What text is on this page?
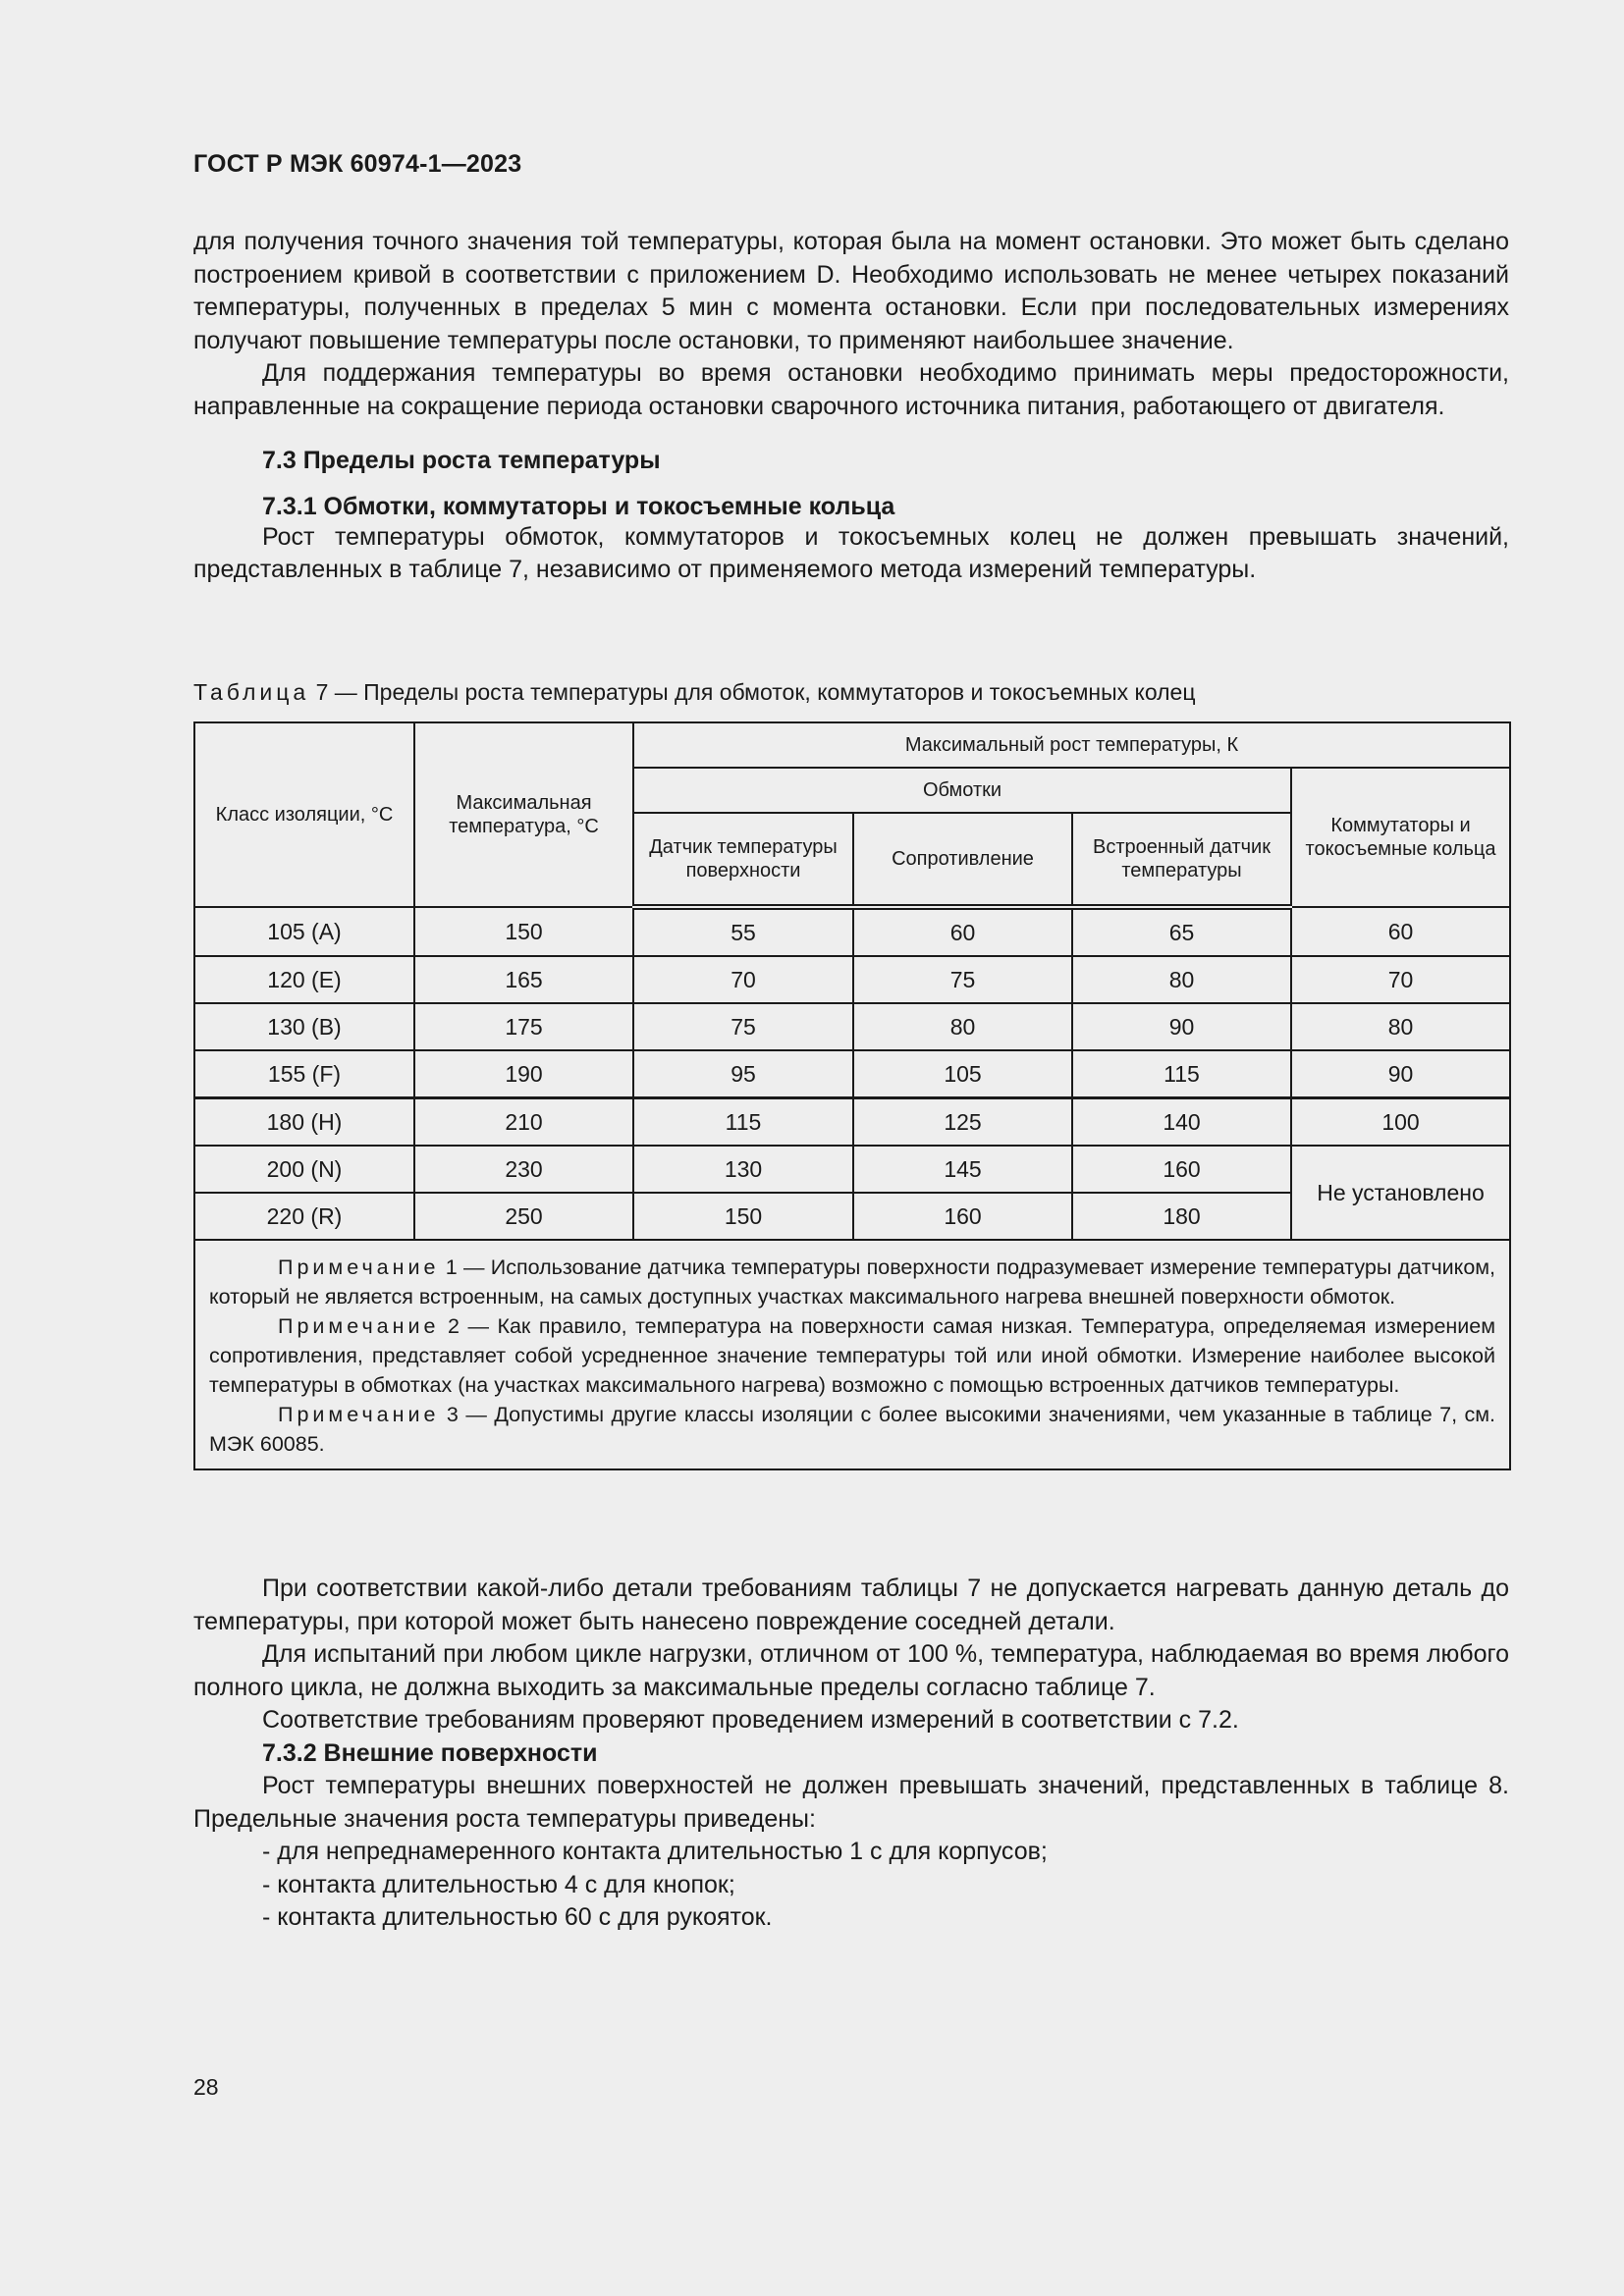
ГОСТ Р МЭК 60974-1—2023

для получения точного значения той температуры, которая была на момент остановки. Это может быть сделано построением кривой в соответствии с приложением D. Необходимо использовать не менее четырех показаний температуры, полученных в пределах 5 мин с момента остановки. Если при последовательных измерениях получают повышение температуры после остановки, то применяют наибольшее значение.

Для поддержания температуры во время остановки необходимо принимать меры предосторожности, направленные на сокращение периода остановки сварочного источника питания, работающего от двигателя.

7.3 Пределы роста температуры

7.3.1 Обмотки, коммутаторы и токосъемные кольца

Рост температуры обмоток, коммутаторов и токосъемных колец не должен превышать значений, представленных в таблице 7, независимо от применяемого метода измерений температуры.

Таблица 7 — Пределы роста температуры для обмоток, коммутаторов и токосъемных колец
Класс изоляции, °C	Максимальная температура, °C	Максимальный рост температуры, К			
		Обмотки			Коммутаторы и токосъемные кольца
		Датчик температуры поверхности	Сопротивление	Встроенный датчик температуры	
105 (A)	150	55	60	65	60
120 (E)	165	70	75	80	70
130 (B)	175	75	80	90	80
155 (F)	190	95	105	115	90
180 (H)	210	115	125	140	100
200 (N)	230	130	145	160	Не установлено
220 (R)	250	150	160	180	

Примечание 1 — Использование датчика температуры поверхности подразумевает измерение температуры датчиком, который не является встроенным, на самых доступных участках максимального нагрева внешней поверхности обмоток.

Примечание 2 — Как правило, температура на поверхности самая низкая. Температура, определяемая измерением сопротивления, представляет собой усредненное значение температуры той или иной обмотки. Измерение наиболее высокой температуры в обмотках (на участках максимального нагрева) возможно с помощью встроенных датчиков температуры.

Примечание 3 — Допустимы другие классы изоляции с более высокими значениями, чем указанные в таблице 7, см. МЭК 60085.					

При соответствии какой-либо детали требованиям таблицы 7 не допускается нагревать данную деталь до температуры, при которой может быть нанесено повреждение соседней детали.

Для испытаний при любом цикле нагрузки, отличном от 100 %, температура, наблюдаемая во время любого полного цикла, не должна выходить за максимальные пределы согласно таблице 7.

Соответствие требованиям проверяют проведением измерений в соответствии с 7.2.

7.3.2 Внешние поверхности

Рост температуры внешних поверхностей не должен превышать значений, представленных в таблице 8. Предельные значения роста температуры приведены:

- для непреднамеренного контакта длительностью 1 с для корпусов;

- контакта длительностью 4 с для кнопок;

- контакта длительностью 60 с для рукояток.

28
